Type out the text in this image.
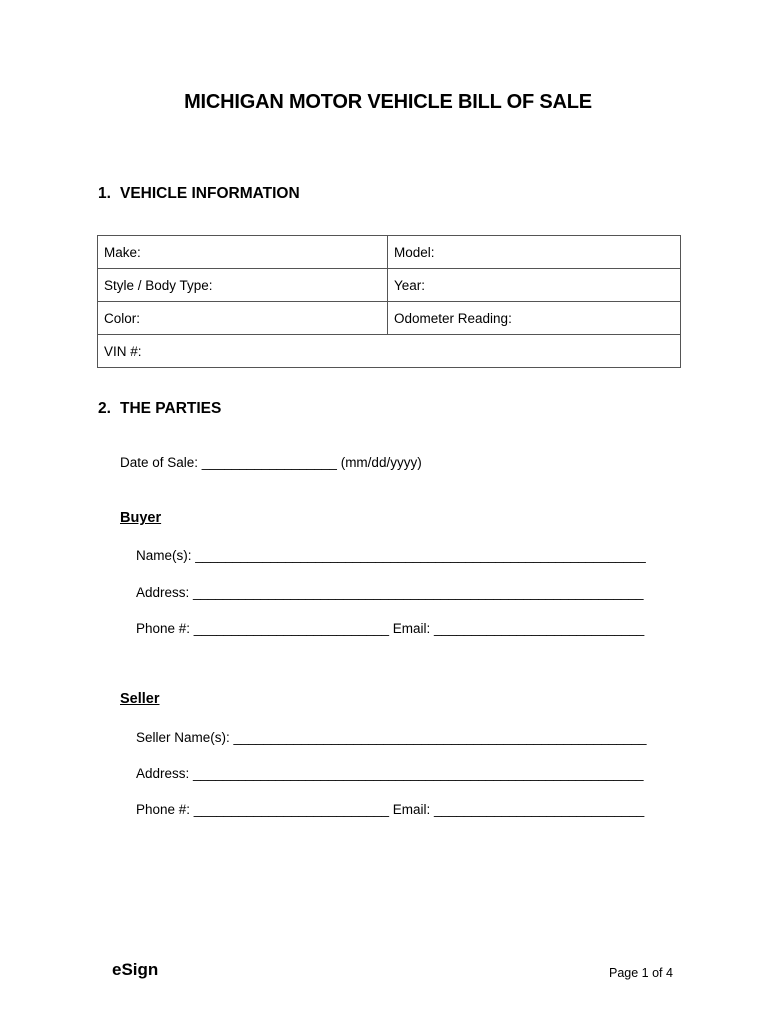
MICHIGAN MOTOR VEHICLE BILL OF SALE
1. VEHICLE INFORMATION
Make:	Model:
Style / Body Type:	Year:
Color:	Odometer Reading:
VIN #:	
2. THE PARTIES
Date of Sale: __________________ (mm/dd/yyyy)
Buyer
Name(s): ____________________________________________________________
Address: ____________________________________________________________
Phone #: __________________________ Email: ____________________________
Seller
Seller Name(s): _______________________________________________________
Address: ____________________________________________________________
Phone #: __________________________ Email: ____________________________
eSign	Page 1 of 4
